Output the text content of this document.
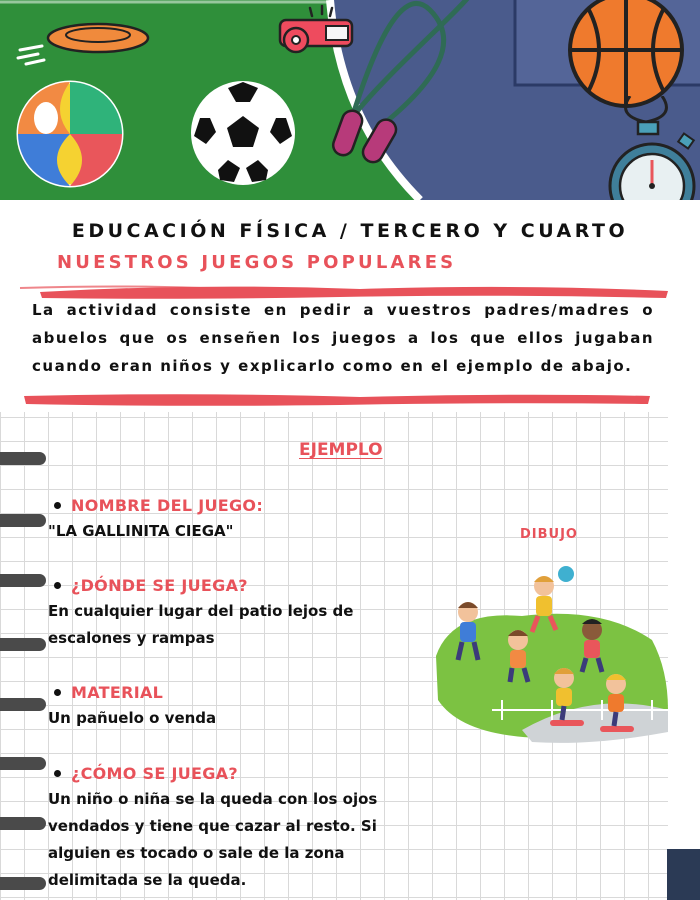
EDUCACIÓN FÍSICA / TERCERO Y CUARTO
NUESTROS JUEGOS POPULARES

La actividad consiste en pedir a vuestros padres/madres o abuelos que os enseñen los juegos a los que ellos jugaban cuando eran niños y explicarlo como en el ejemplo de abajo.

EJEMPLO
DIBUJO
NOMBRE DEL JUEGO:
"LA GALLINITA CIEGA"
¿DÓNDE SE JUEGA?
En cualquier lugar del patio lejos de escalones y rampas
MATERIAL
Un pañuelo o venda
¿CÓMO SE JUEGA?
Un niño o niña se la queda con los ojos vendados y tiene que cazar al resto. Si alguien es tocado o sale de la zona delimitada se la queda.
